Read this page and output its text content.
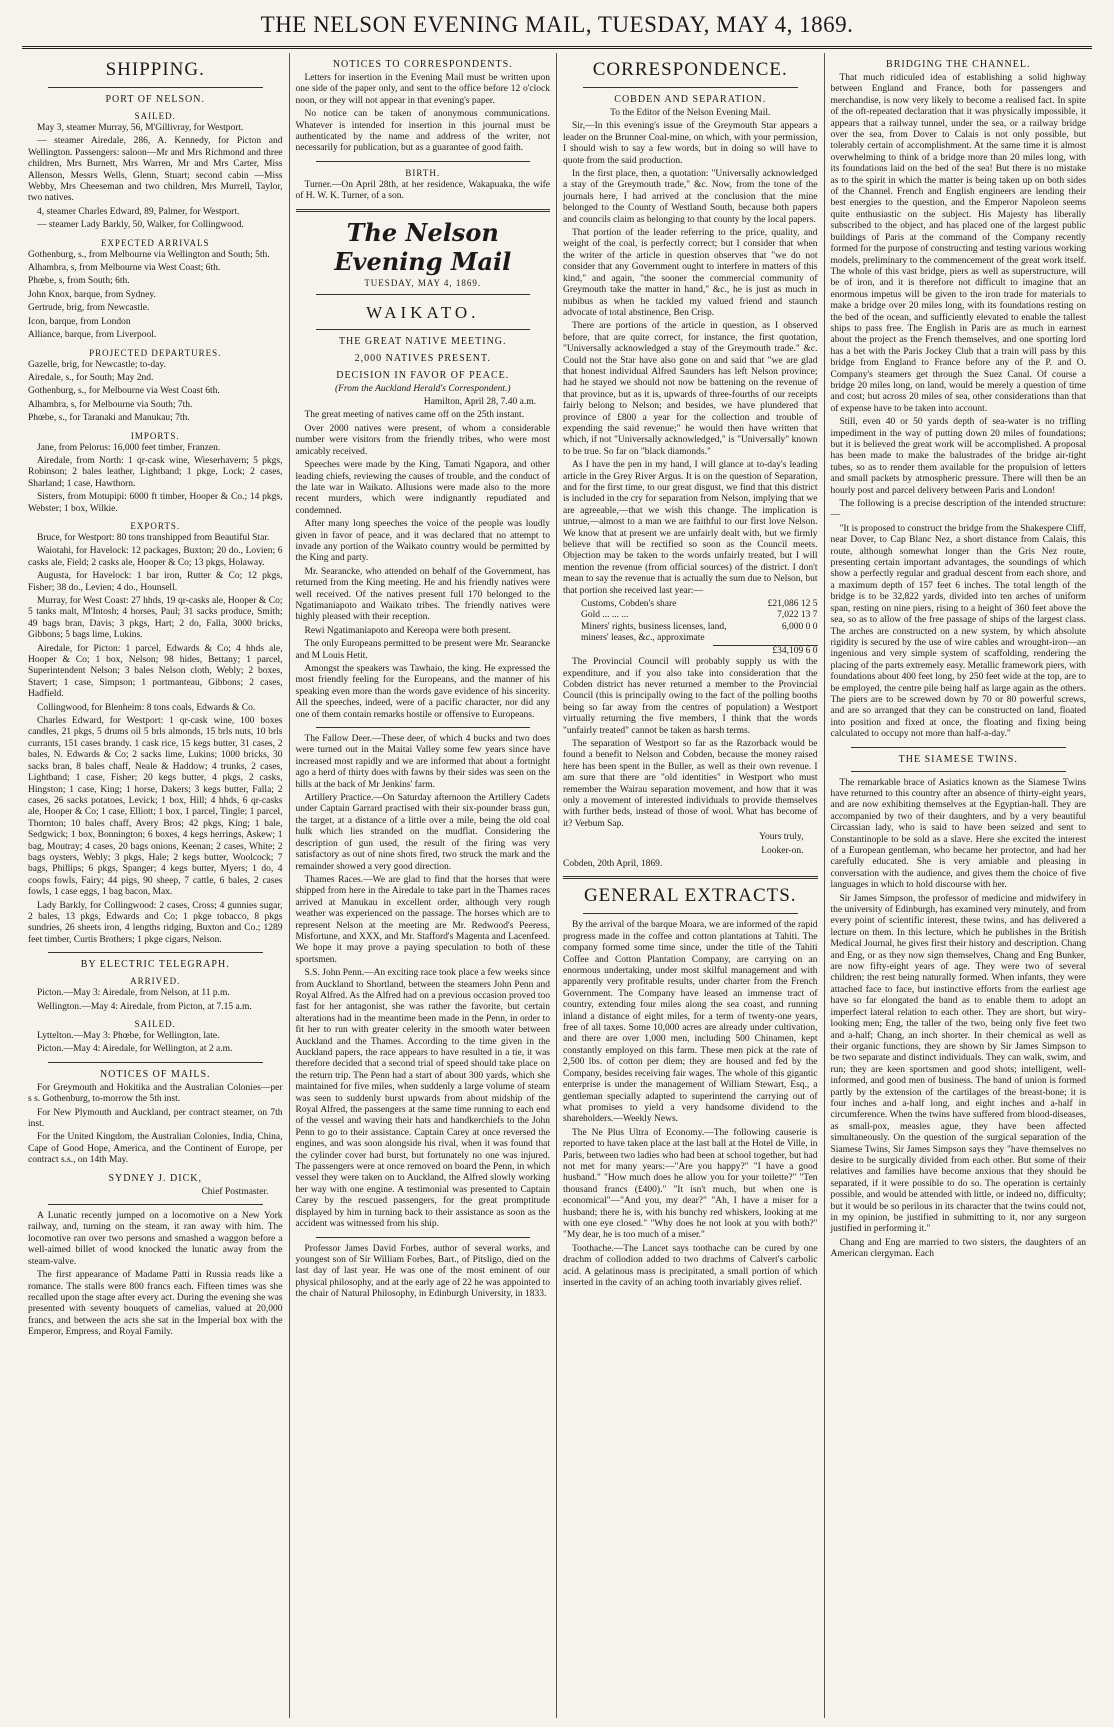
THE NELSON EVENING MAIL, TUESDAY, MAY 4, 1869.
SHIPPING.
PORT OF NELSON.
SAILED.

May 3, steamer Murray, 56, M'Gillivray, for Westport.

— steamer Airedale, 286, A. Kennedy, for Picton and Wellington. Passengers: saloon—Mr and Mrs Richmond and three children, Mrs Burnett, Mrs Warren, Mr and Mrs Carter, Miss Allenson, Messrs Wells, Glenn, Stuart; second cabin —Miss Webby, Mrs Cheeseman and two children, Mrs Murrell, Taylor, two natives.

4, steamer Charles Edward, 89, Palmer, for Westport.

— steamer Lady Barkly, 50, Walker, for Collingwood.

EXPECTED ARRIVALS

Gothenburg, s., from Melbourne via Wellington and South; 5th.

Alhambra, s, from Melbourne via West Coast; 6th.

Phœbe, s, from South; 6th.

John Knox, barque, from Sydney.

Gertrude, brig, from Newcastle.

Icon, barque, from London

Alliance, barque, from Liverpool.

PROJECTED DEPARTURES.

Gazelle, brig, for Newcastle; to-day.

Airedale, s., for South; May 2nd.

Gothenburg, s., for Melbourne via West Coast 6th.

Alhambra, s, for Melbourne via South; 7th.

Phœbe, s., for Taranaki and Manukau; 7th.

IMPORTS.

Jane, from Pelorus: 16,000 feet timber, Franzen.

Airedale, from North: 1 qr-cask wine, Wieserhavern; 5 pkgs, Robinson; 2 bales leather, Lightband; 1 pkge, Lock; 2 cases, Sharland; 1 case, Hawthorn.

Sisters, from Motupipi: 6000 ft timber, Hooper & Co.; 14 pkgs, Webster; 1 box, Wilkie.

EXPORTS.

Bruce, for Westport: 80 tons transhipped from Beautiful Star.

Waiotahi, for Havelock: 12 packages, Buxton; 20 do., Lovien; 6 casks ale, Field; 2 casks ale, Hooper & Co; 13 pkgs, Holaway.

Augusta, for Havelock: 1 bar iron, Rutter & Co; 12 pkgs, Fisher; 38 do., Levien; 4 do., Hounsell.

Murray, for West Coast: 27 hhds, 19 qr-casks ale, Hooper & Co; 5 tanks malt, M'Intosh; 4 horses, Paul; 31 sacks produce, Smith; 49 bags bran, Davis; 3 pkgs, Hart; 2 do, Falla, 3000 bricks, Gibbons; 5 bags lime, Lukins.

Airedale, for Picton: 1 parcel, Edwards & Co; 4 hhds ale, Hooper & Co; 1 box, Nelson; 98 hides, Bettany; 1 parcel, Superintendent Nelson; 3 bales Nelson cloth, Webly; 2 boxes, Stavert; 1 case, Simpson; 1 portmanteau, Gibbons; 2 cases, Hadfield.

Collingwood, for Blenheim: 8 tons coals, Edwards & Co.

Charles Edward, for Westport: 1 qr-cask wine, 100 boxes candles, 21 pkgs, 5 drums oil 5 brls almonds, 15 brls nuts, 10 brls currants, 151 cases brandy. 1 cask rice, 15 kegs butter, 31 cases, 2 bales, N. Edwards & Co; 2 sacks lime, Lukins; 1000 bricks, 30 sacks bran, 8 bales chaff, Neale & Haddow; 4 trunks, 2 cases, Lightband; 1 case, Fisher; 20 kegs butter, 4 pkgs, 2 casks, Hingston; 1 case, King; 1 horse, Dakers; 3 kegs butter, Falla; 2 cases, 26 sacks potatoes, Levick; 1 box, Hill; 4 hhds, 6 qr-casks ale, Hooper & Co; 1 case, Elliott; 1 box, 1 parcel, Tingle; 1 parcel, Thornton; 10 bales chaff, Avery Bros; 42 pkgs, King; 1 bale, Sedgwick; 1 box, Bonnington; 6 boxes, 4 kegs herrings, Askew; 1 bag, Moutray; 4 cases, 20 bags onions, Keenan; 2 cases, White; 2 bags oysters, Webly; 3 pkgs, Hale; 2 kegs butter, Woolcock; 7 bags, Phillips; 6 pkgs, Spanger; 4 kegs butter, Myers; 1 do, 4 coops fowls, Fairy; 44 pigs, 90 sheep, 7 cattle, 6 bales, 2 cases fowls, 1 case eggs, 1 bag bacon, Max.

Lady Barkly, for Collingwood: 2 cases, Cross; 4 gunnies sugar, 2 bales, 13 pkgs, Edwards and Co; 1 pkge tobacco, 8 pkgs sundries, 26 sheets iron, 4 lengths ridging, Buxton and Co.; 1289 feet timber, Curtis Brothers; 1 pkge cigars, Nelson.

BY ELECTRIC TELEGRAPH.
ARRIVED.

Picton.—May 3: Airedale, from Nelson, at 11 p.m.

Wellington.—May 4: Airedale, from Picton, at 7.15 a.m.

SAILED.

Lyttelton.—May 3: Phœbe, for Wellington, late.

Picton.—May 4: Airedale, for Wellington, at 2 a.m.

NOTICES OF MAILS.

For Greymouth and Hokitika and the Australian Colonies—per s s. Gothenburg, to-morrow the 5th inst.

For New Plymouth and Auckland, per contract steamer, on 7th inst.

For the United Kingdom, the Australian Colonies, India, China, Cape of Good Hope, America, and the Continent of Europe, per contract s.s., on 14th May.

SYDNEY J. DICK,

Chief Postmaster.

A Lunatic recently jumped on a locomotive on a New York railway, and, turning on the steam, it ran away with him. The locomotive ran over two persons and smashed a waggon before a well-aimed billet of wood knocked the lunatic away from the steam-valve.

The first appearance of Madame Patti in Russia reads like a romance. The stalls were 800 francs each. Fifteen times was she recalled upon the stage after every act. During the evening she was presented with seventy bouquets of camelias, valued at 20,000 francs, and between the acts she sat in the Imperial box with the Emperor, Empress, and Royal Family.

NOTICES TO CORRESPONDENTS.

Letters for insertion in the Evening Mail must be written upon one side of the paper only, and sent to the office before 12 o'clock noon, or they will not appear in that evening's paper.

No notice can be taken of anonymous communications. Whatever is intended for insertion in this journal must be authenticated by the name and address of the writer, not necessarily for publication, but as a guarantee of good faith.

BIRTH.

Turner.—On April 28th, at her residence, Wakapuaka, the wife of H. W. K. Turner, of a son.

The Nelson Evening Mail
TUESDAY, MAY 4, 1869.
WAIKATO.
THE GREAT NATIVE MEETING.
2,000 NATIVES PRESENT.
DECISION IN FAVOR OF PEACE.

(From the Auckland Herald's Correspondent.)

Hamilton, April 28, 7.40 a.m.

The great meeting of natives came off on the 25th instant.

Over 2000 natives were present, of whom a considerable number were visitors from the friendly tribes, who were most amicably received.

Speeches were made by the King, Tamati Ngapora, and other leading chiefs, reviewing the causes of trouble, and the conduct of the late war in Waikato. Allusions were made also to the more recent murders, which were indignantly repudiated and condemned.

After many long speeches the voice of the people was loudly given in favor of peace, and it was declared that no attempt to invade any portion of the Waikato country would be permitted by the King and party.

Mr. Searancke, who attended on behalf of the Government, has returned from the King meeting. He and his friendly natives were well received. Of the natives present full 170 belonged to the Ngatimaniapoto and Waikato tribes. The friendly natives were highly pleased with their reception.

Rewi Ngatimaniapoto and Kereopa were both present.

The only Europeans permitted to be present were Mr. Searancke and M Louis Hetit.

Amongst the speakers was Tawhaio, the king. He expressed the most friendly feeling for the Europeans, and the manner of his speaking even more than the words gave evidence of his sincerity. All the speeches, indeed, were of a pacific character, nor did any one of them contain remarks hostile or offensive to Europeans.

The Fallow Deer.—These deer, of which 4 bucks and two does were turned out in the Maitai Valley some few years since have increased most rapidly and we are informed that about a fortnight ago a herd of thirty does with fawns by their sides was seen on the hills at the back of Mr Jenkins' farm.

Artillery Practice.—On Saturday afternoon the Artillery Cadets under Captain Garrard practised with their six-pounder brass gun, the target, at a distance of a little over a mile, being the old coal hulk which lies stranded on the mudflat. Considering the description of gun used, the result of the firing was very satisfactory as out of nine shots fired, two struck the mark and the remainder showed a very good direction.

Thames Races.—We are glad to find that the horses that were shipped from here in the Airedale to take part in the Thames races arrived at Manukau in excellent order, although very rough weather was experienced on the passage. The horses which are to represent Nelson at the meeting are Mr. Redwood's Peeress, Misfortune, and XXX, and Mr. Stafford's Magenta and Lacenfeed. We hope it may prove a paying speculation to both of these sportsmen.

S.S. John Penn.—An exciting race took place a few weeks since from Auckland to Shortland, between the steamers John Penn and Royal Alfred. As the Alfred had on a previous occasion proved too fast for her antagonist, she was rather the favorite, but certain alterations had in the meantime been made in the Penn, in order to fit her to run with greater celerity in the smooth water between Auckland and the Thames. According to the time given in the Auckland papers, the race appears to have resulted in a tie, it was therefore decided that a second trial of speed should take place on the return trip. The Penn had a start of about 300 yards, which she maintained for five miles, when suddenly a large volume of steam was seen to suddenly burst upwards from about midship of the Royal Alfred, the passengers at the same time running to each end of the vessel and waving their hats and handkerchiefs to the John Penn to go to their assistance. Captain Carey at once reversed the engines, and was soon alongside his rival, when it was found that the cylinder cover had burst, but fortunately no one was injured. The passengers were at once removed on board the Penn, in which vessel they were taken on to Auckland, the Alfred slowly working her way with one engine. A testimonial was presented to Captain Carey by the rescued passengers, for the great promptitude displayed by him in turning back to their assistance as soon as the accident was witnessed from his ship.

Professor James David Forbes, author of several works, and youngest son of Sir William Forbes, Bart., of Pitsligo, died on the last day of last year. He was one of the most eminent of our physical philosophy, and at the early age of 22 he was appointed to the chair of Natural Philosophy, in Edinburgh University, in 1833.

CORRESPONDENCE.
COBDEN AND SEPARATION.

To the Editor of the Nelson Evening Mail.

Sir,—In this evening's issue of the Greymouth Star appears a leader on the Brunner Coal-mine, on which, with your permission, I should wish to say a few words, but in doing so will have to quote from the said production.

In the first place, then, a quotation: "Universally acknowledged a stay of the Greymouth trade," &c. Now, from the tone of the journals here, I had arrived at the conclusion that the mine belonged to the County of Westland South, because both papers and councils claim as belonging to that county by the local papers.

That portion of the leader referring to the price, quality, and weight of the coal, is perfectly correct; but I consider that when the writer of the article in question observes that "we do not consider that any Government ought to interfere in matters of this kind," and again, "the sooner the commercial community of Greymouth take the matter in hand," &c., he is just as much in nubibus as when he tackled my valued friend and staunch advocate of total abstinence, Ben Crisp.

There are portions of the article in question, as I observed before, that are quite correct, for instance, the first quotation, "Universally acknowledged a stay of the Greymouth trade." &c. Could not the Star have also gone on and said that "we are glad that honest individual Alfred Saunders has left Nelson province; had he stayed we should not now be battening on the revenue of that province, but as it is, upwards of three-fourths of our receipts fairly belong to Nelson; and besides, we have plundered that province of £800 a year for the collection and trouble of expending the said revenue;" he would then have written that which, if not "Universally acknowledged," is "Universally" known to be true. So far on "black diamonds."

As I have the pen in my hand, I will glance at to-day's leading article in the Grey River Argus. It is on the question of Separation, and for the first time, to our great disgust, we find that this district is included in the cry for separation from Nelson, implying that we are agreeable,—that we wish this change. The implication is untrue,—almost to a man we are faithful to our first love Nelson. We know that at present we are unfairly dealt with, but we firmly believe that will be rectified so soon as the Council meets. Objection may be taken to the words unfairly treated, but I will mention the revenue (from official sources) of the district. I don't mean to say the revenue that is actually the sum due to Nelson, but that portion she received last year:—

Customs, Cobden's share	£21,086 12 5
Gold ... ... ...	7,022 13 7
Miners' rights, business licenses, land, miners' leases, &c., approximate
6,000 0 0
£34,109 6 0

The Provincial Council will probably supply us with the expenditure, and if you also take into consideration that the Cobden district has never returned a member to the Provincial Council (this is principally owing to the fact of the polling booths being so far away from the centres of population) a Westport virtually returning the five members, I think that the words "unfairly treated" cannot be taken as harsh terms.

The separation of Westport so far as the Razorback would be found a benefit to Nelson and Cobden, because the money raised here has been spent in the Buller, as well as their own revenue. I am sure that there are "old identities" in Westport who must remember the Wairau separation movement, and how that it was only a movement of interested individuals to provide themselves with further beds, instead of those of wool. What has become of it? Verbum Sap.

Yours truly,

Looker-on.

Cobden, 20th April, 1869.

GENERAL EXTRACTS.

By the arrival of the barque Moara, we are informed of the rapid progress made in the coffee and cotton plantations at Tahiti. The company formed some time since, under the title of the Tahiti Coffee and Cotton Plantation Company, are carrying on an enormous undertaking, under most skilful management and with apparently very profitable results, under charter from the French Government. The Company have leased an immense tract of country, extending four miles along the sea coast, and running inland a distance of eight miles, for a term of twenty-one years, free of all taxes. Some 10,000 acres are already under cultivation, and there are over 1,000 men, including 500 Chinamen, kept constantly employed on this farm. These men pick at the rate of 2,500 lbs. of cotton per diem; they are housed and fed by the Company, besides receiving fair wages. The whole of this gigantic enterprise is under the management of William Stewart, Esq., a gentleman specially adapted to superintend the carrying out of what promises to yield a very handsome dividend to the shareholders.—Weekly News.

The Ne Plus Ultra of Economy.—The following causerie is reported to have taken place at the last ball at the Hotel de Ville, in Paris, between two ladies who had been at school together, but had not met for many years:—"Are you happy?" "I have a good husband." "How much does he allow you for your toilette?" "Ten thousand francs (£400)." "It isn't much, but when one is economical"—"And you, my dear?" "Ah, I have a miser for a husband; there he is, with his bunchy red whiskers, looking at me with one eye closed." "Why does he not look at you with both?" "My dear, he is too much of a miser."

Toothache.—The Lancet says toothache can be cured by one drachm of collodion added to two drachms of Calvert's carbolic acid. A gelatinous mass is precipitated, a small portion of which inserted in the cavity of an aching tooth invariably gives relief.

BRIDGING THE CHANNEL.

That much ridiculed idea of establishing a solid highway between England and France, both for passengers and merchandise, is now very likely to become a realised fact. In spite of the oft-repeated declaration that it was physically impossible, it appears that a railway tunnel, under the sea, or a railway bridge over the sea, from Dover to Calais is not only possible, but tolerably certain of accomplishment. At the same time it is almost overwhelming to think of a bridge more than 20 miles long, with its foundations laid on the bed of the sea! But there is no mistake as to the spirit in which the matter is being taken up on both sides of the Channel. French and English engineers are lending their best energies to the question, and the Emperor Napoleon seems quite enthusiastic on the subject. His Majesty has liberally subscribed to the object, and has placed one of the largest public buildings of Paris at the command of the Company recently formed for the purpose of constructing and testing various working models, preliminary to the commencement of the great work itself. The whole of this vast bridge, piers as well as superstructure, will be of iron, and it is therefore not difficult to imagine that an enormous impetus will be given to the iron trade for materials to make a bridge over 20 miles long, with its foundations resting on the bed of the ocean, and sufficiently elevated to enable the tallest ships to pass free. The English in Paris are as much in earnest about the project as the French themselves, and one sporting lord has a bet with the Paris Jockey Club that a train will pass by this bridge from England to France before any of the P. and O. Company's steamers get through the Suez Canal. Of course a bridge 20 miles long, on land, would be merely a question of time and cost; but across 20 miles of sea, other considerations than that of expense have to be taken into account.

Still, even 40 or 50 yards depth of sea-water is no trifling impediment in the way of putting down 20 miles of foundations; but it is believed the great work will be accomplished. A proposal has been made to make the balustrades of the bridge air-tight tubes, so as to render them available for the propulsion of letters and small packets by atmospheric pressure. There will then be an hourly post and parcel delivery between Paris and London!

The following is a precise description of the intended structure:—

"It is proposed to construct the bridge from the Shakespere Cliff, near Dover, to Cap Blanc Nez, a short distance from Calais, this route, although somewhat longer than the Gris Nez route, presenting certain important advantages, the soundings of which show a perfectly regular and gradual descent from each shore, and a maximum depth of 157 feet 6 inches. The total length of the bridge is to be 32,822 yards, divided into ten arches of uniform span, resting on nine piers, rising to a height of 360 feet above the sea, so as to allow of the free passage of ships of the largest class. The arches are constructed on a new system, by which absolute rigidity is secured by the use of wire cables and wrought-iron—an ingenious and very simple system of scaffolding, rendering the placing of the parts extremely easy. Metallic framework piers, with foundations about 400 feet long, by 250 feet wide at the top, are to be employed, the centre pile being half as large again as the others. The piers are to be screwed down by 70 or 80 powerful screws, and are so arranged that they can be constructed on land, floated into position and fixed at once, the floating and fixing being calculated to occupy not more than half-a-day."

THE SIAMESE TWINS.

The remarkable brace of Asiatics known as the Siamese Twins have returned to this country after an absence of thirty-eight years, and are now exhibiting themselves at the Egyptian-hall. They are accompanied by two of their daughters, and by a very beautiful Circassian lady, who is said to have been seized and sent to Constantinople to be sold as a slave. Here she excited the interest of a European gentleman, who became her protector, and had her carefully educated. She is very amiable and pleasing in conversation with the audience, and gives them the choice of five languages in which to hold discourse with her.

Sir James Simpson, the professor of medicine and midwifery in the university of Edinburgh, has examined very minutely, and from every point of scientific interest, these twins, and has delivered a lecture on them. In this lecture, which he publishes in the British Medical Journal, he gives first their history and description. Chang and Eng, or as they now sign themselves, Chang and Eng Bunker, are now fifty-eight years of age. They were two of several children; the rest being naturally formed. When infants, they were attached face to face, but instinctive efforts from the earliest age have so far elongated the band as to enable them to adopt an imperfect lateral relation to each other. They are short, but wiry-looking men; Eng, the taller of the two, being only five feet two and a-half; Chang, an inch shorter. In their chemical as well as their organic functions, they are shown by Sir James Simpson to be two separate and distinct individuals. They can walk, swim, and run; they are keen sportsmen and good shots; intelligent, well-informed, and good men of business. The band of union is formed partly by the extension of the cartilages of the breast-bone; it is four inches and a-half long, and eight inches and a-half in circumference. When the twins have suffered from blood-diseases, as small-pox, measles ague, they have been affected simultaneously. On the question of the surgical separation of the Siamese Twins, Sir James Simpson says they "have themselves no desire to be surgically divided from each other. But some of their relatives and families have become anxious that they should be separated, if it were possible to do so. The operation is certainly possible, and would be attended with little, or indeed no, difficulty; but it would be so perilous in its character that the twins could not, in my opinion, be justified in submitting to it, nor any surgeon justified in performing it."

Chang and Eng are married to two sisters, the daughters of an American clergyman. Each
